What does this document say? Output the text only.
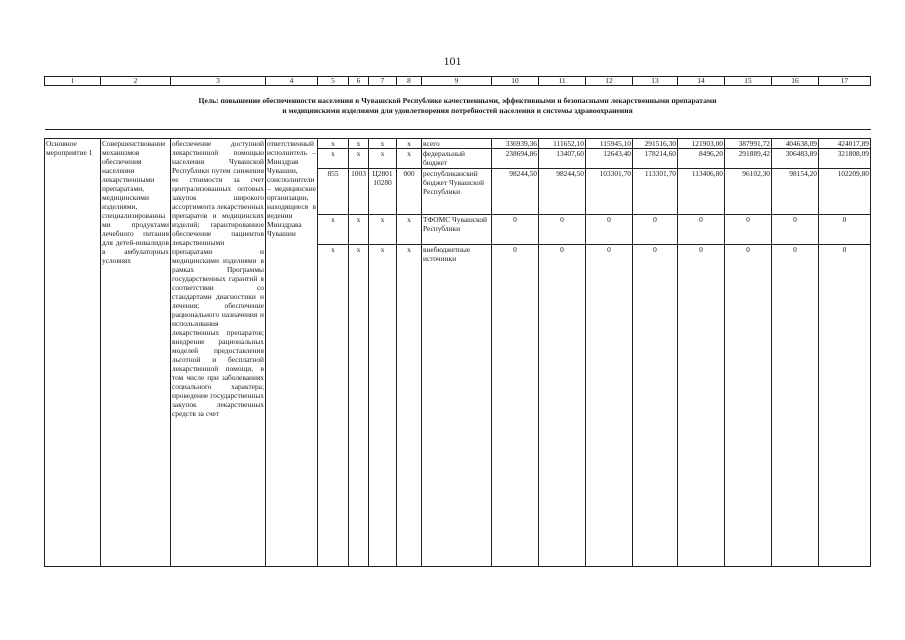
101
1	2	3	4	5	6	7	8	9	10	11	12	13	14	15	16	17

Цель: повышение обеспеченности населения в Чувашской Республике качественными, эффективными и безопасными лекарственными препаратами
и медицинскими изделиями для удовлетворения потребностей населения и системы здравоохранения																

Основное мероприятие 1	Совершенствование механизмов обеспечения населения лекарственными препаратами, медицинскими изделиями, специализированными продуктами лечебного питания для детей-инвалидов в амбулаторных условиях	обеспечение доступной лекарственной помощью населения Чувашской Республики путем снижения ее стоимости за счет централизованных оптовых закупок широкого ассортимента лекарственных препаратов и медицинских изделий; гарантированное обеспечение пациентов лекарственными препаратами и медицинскими изделиями в рамках Программы государственных гарантий в соответствии со стандартами диагностики и лечения; обеспечение рационального назначения и использования лекарственных препаратов; внедрение рациональных моделей предоставления льготной и бесплатной лекарственной помощи, в том числе при заболеваниях социального характера; проведение государственных закупок лекарственных средств за счет	ответственный исполнитель – Минздрав Чувашии, соисполнители – медицинские организации, находящиеся в ведении Минздрава Чувашии	x	x	x	x	всего	336939,36	111652,10	115945,10	291516,30	121903,00	387991,72	404638,09	424017,89
				x	x	x	x	федеральный бюджет	238694,86	13407,60	12643,40	178214,60	8496,20	291889,42	306483,89	321808,09
				855	1003	Ц2801 10280	000	республиканский бюджет Чувашской Республики	98244,50	98244,50	103301,70	113301,70	113406,80	96102,30	98154,20	102209,80
				x	x	x	x	ТФОМС Чувашской Республики	0	0	0	0	0	0	0	0
				x	x	x	x	внебюджетные источники	0	0	0	0	0	0	0	0
